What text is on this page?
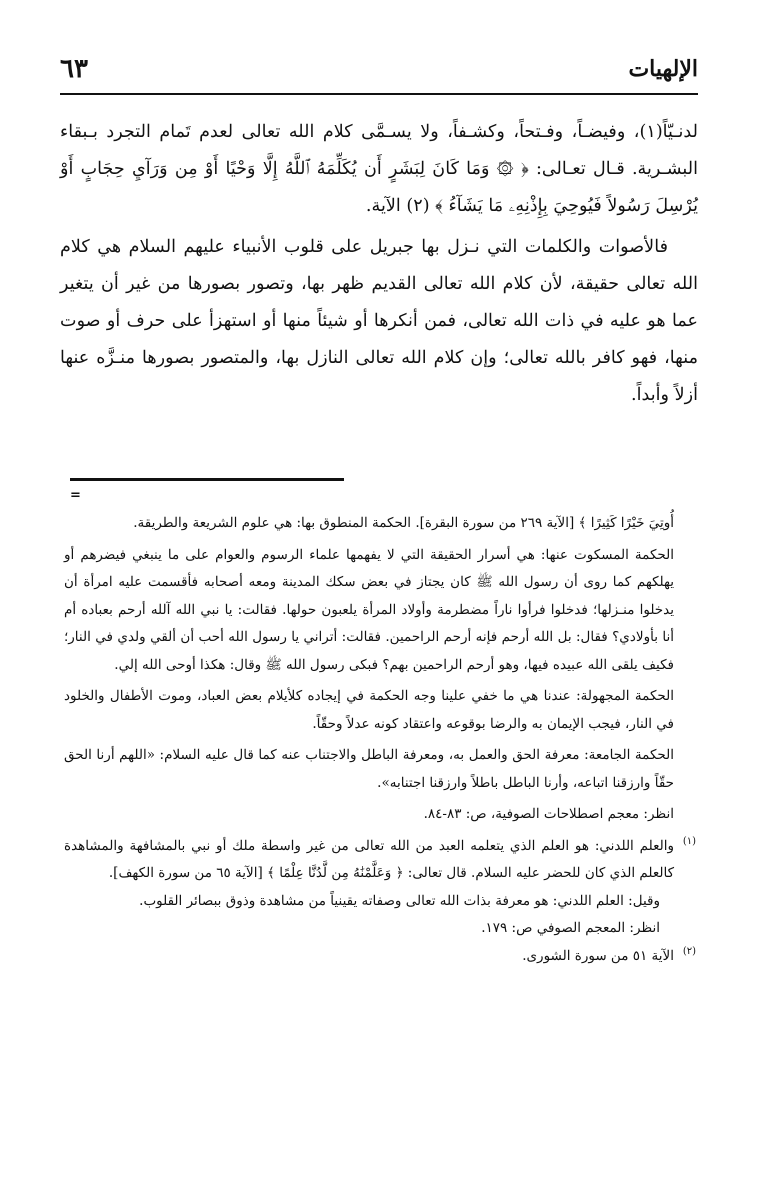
الإلهيات
٦٣

لدنـيّاً(١)، وفيضـاً، وفـتحاً، وكشـفاً، ولا يسـمَّى كلام الله تعالى لعدم تَمام التجرد بـبقاء البشـرية. قـال تعـالى: ﴿ ۞ وَمَا كَانَ لِبَشَرٍ أَن يُكَلِّمَهُ ٱللَّهُ إِلَّا وَحْيًا أَوْ مِن وَرَآيِ حِجَابٍ أَوْ يُرْسِلَ رَسُولاً فَيُوحِيَ بِإِذْنِهِۦ مَا يَشَآءُ ﴾ (٢) الآية.

فالأصوات والكلمات التي نـزل بها جبريل على قلوب الأنبياء عليهم السلام هي كلام الله تعالى حقيقة، لأن كلام الله تعالى القديم ظهر بها، وتصور بصورها من غير أن يتغير عما هو عليه في ذات الله تعالى، فمن أنكرها أو شيئاً منها أو استهزأ على حرف أو صوت منها، فهو كافر بالله تعالى؛ وإن كلام الله تعالى النازل بها، والمتصور بصورها منـزَّه عنها أزلاً وأبداً.

=
أُوتِيَ خَيْرًا كَثِيرًا ﴾ [الآية ٢٦٩ من سورة البقرة]. الحكمة المنطوق بها: هي علوم الشريعة والطريقة.
الحكمة المسكوت عنها: هي أسرار الحقيقة التي لا يفهمها علماء الرسوم والعوام على ما ينبغي فيضرهم أو يهلكهم كما روى أن رسول الله ﷺ كان يجتاز في بعض سكك المدينة ومعه أصحابه فأقسمت عليه امرأة أن يدخلوا منـزلها؛ فدخلوا فرأوا ناراً مضطرمة وأولاد المرأة يلعبون حولها. فقالت: يا نبي الله آلله أرحم بعباده أم أنا بأولادي؟ فقال: بل الله أرحم فإنه أرحم الراحمين. فقالت: أتراني يا رسول الله أحب أن ألقي ولدي في النار؛ فكيف يلقى الله عبيده فيها، وهو أرحم الراحمين بهم؟ فبكى رسول الله ﷺ وقال: هكذا أوحى الله إلي.
الحكمة المجهولة: عندنا هي ما خفي علينا وجه الحكمة في إيجاده كلأيلام بعض العباد، وموت الأطفال والخلود في النار، فيجب الإيمان به والرضا بوقوعه واعتقاد كونه عدلاً وحقّاً.
الحكمة الجامعة: معرفة الحق والعمل به، ومعرفة الباطل والاجتناب عنه كما قال عليه السلام: «اللهم أرنا الحق حقّاً وارزقنا اتباعه، وأرنا الباطل باطلاً وارزقنا اجتنابه».
انظر: معجم اصطلاحات الصوفية، ص: ٨٣-٨٤.
(١)
والعلم اللدني: هو العلم الذي يتعلمه العبد من الله تعالى من غير واسطة ملك أو نبي بالمشافهة والمشاهدة كالعلم الذي كان للحضر عليه السلام. قال تعالى: ﴿ وَعَلَّمْنَٰهُ مِن لَّدُنَّا عِلْمًا ﴾ [الآية ٦٥ من سورة الكهف].
وقيل: العلم اللدني: هو معرفة بذات الله تعالى وصفاته يقينياً من مشاهدة وذوق ببصائر القلوب.
انظر: المعجم الصوفي ص: ١٧٩.
(٢)
الآية ٥١ من سورة الشورى.
